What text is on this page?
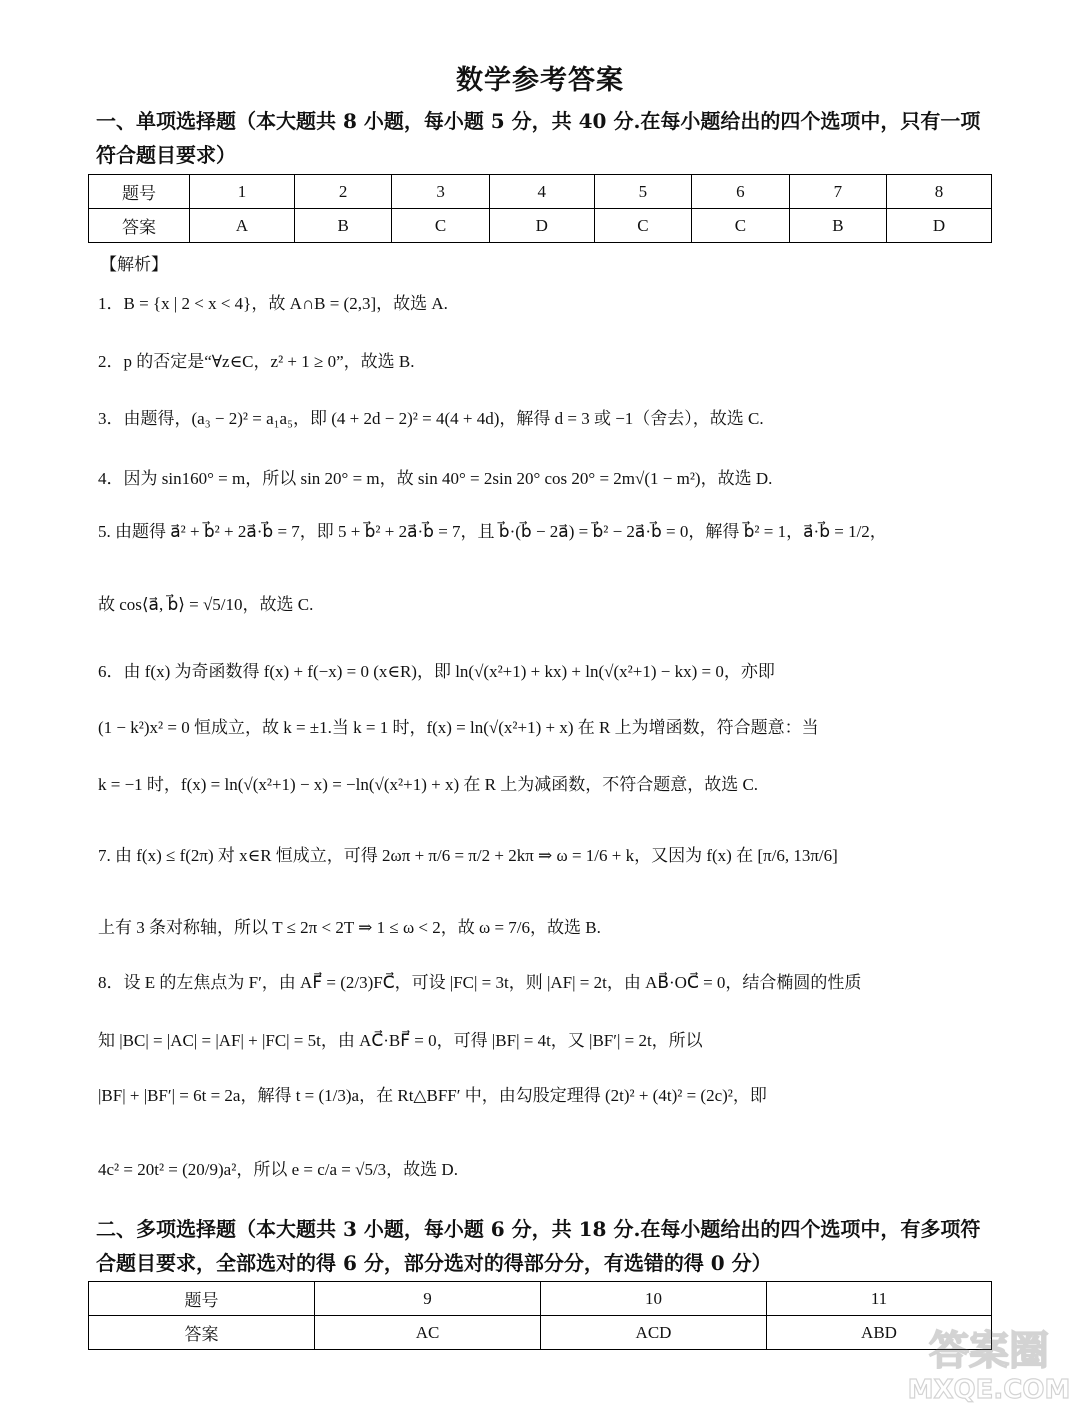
数学参考答案
一、单项选择题（本大题共 8 小题，每小题 5 分，共 40 分.在每小题给出的四个选项中，只有一项符合题目要求）
题号	1	2	3	4	5	6	7	8
答案	A	B	C	D	C	C	B	D
【解析】
1．B = {x | 2 < x < 4}，故 A∩B = (2,3]，故选 A.
2．p 的否定是“∀z∈C，z² + 1 ≥ 0”，故选 B.
3．由题得，(a₃ − 2)² = a₁a₅，即 (4 + 2d − 2)² = 4(4 + 4d)，解得 d = 3 或 −1（舍去），故选 C.
4．因为 sin160° = m，所以 sin 20° = m，故 sin 40° = 2sin 20° cos 20° = 2m√(1 − m²)，故选 D.
5. 由题得 a⃗² + b⃗² + 2a⃗·b⃗ = 7，即 5 + b⃗² + 2a⃗·b⃗ = 7，且 b⃗·(b⃗ − 2a⃗) = b⃗² − 2a⃗·b⃗ = 0，解得 b⃗² = 1，a⃗·b⃗ = 1/2，
故 cos⟨a⃗, b⃗⟩ = √5/10，故选 C.
6．由 f(x) 为奇函数得 f(x) + f(−x) = 0 (x∈R)，即 ln(√(x²+1) + kx) + ln(√(x²+1) − kx) = 0，亦即
(1 − k²)x² = 0 恒成立，故 k = ±1.当 k = 1 时，f(x) = ln(√(x²+1) + x) 在 R 上为增函数，符合题意：当
k = −1 时，f(x) = ln(√(x²+1) − x) = −ln(√(x²+1) + x) 在 R 上为减函数，不符合题意，故选 C.
7. 由 f(x) ≤ f(2π) 对 x∈R 恒成立，可得 2ωπ + π/6 = π/2 + 2kπ ⇒ ω = 1/6 + k，又因为 f(x) 在 [π/6, 13π/6]
上有 3 条对称轴，所以 T ≤ 2π < 2T ⇒ 1 ≤ ω < 2，故 ω = 7/6，故选 B.
8．设 E 的左焦点为 F′，由 AF⃗ = (2/3)FC⃗，可设 |FC| = 3t，则 |AF| = 2t，由 AB⃗·OC⃗ = 0，结合椭圆的性质
知 |BC| = |AC| = |AF| + |FC| = 5t，由 AC⃗·BF⃗ = 0，可得 |BF| = 4t，又 |BF′| = 2t，所以
|BF| + |BF′| = 6t = 2a，解得 t = (1/3)a，在 Rt△BFF′ 中，由勾股定理得 (2t)² + (4t)² = (2c)²，即
4c² = 20t² = (20/9)a²，所以 e = c/a = √5/3，故选 D.
二、多项选择题（本大题共 3 小题，每小题 6 分，共 18 分.在每小题给出的四个选项中，有多项符合题目要求，全部选对的得 6 分，部分选对的得部分分，有选错的得 0 分）
题号	9	10	11
答案	AC	ACD	ABD 答案圈
MXQE.COM
